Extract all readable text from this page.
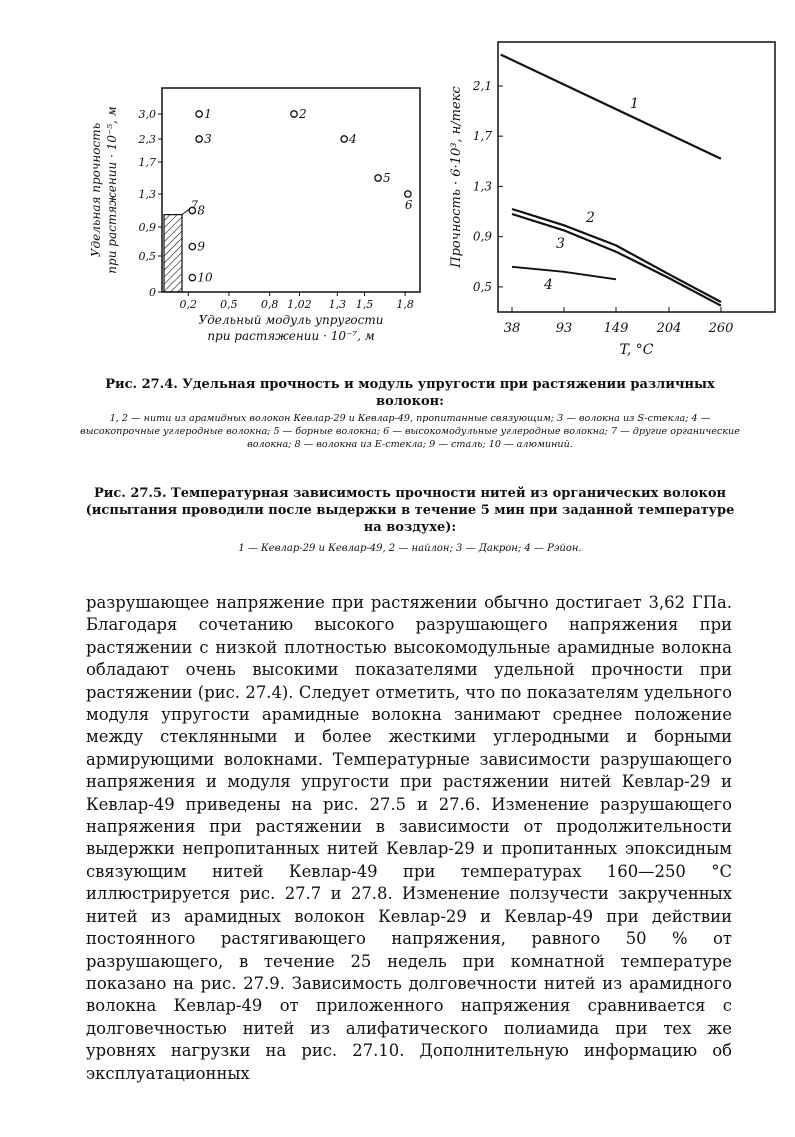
0
0,5
0,9
1,3
1,7
2,3
3,0
0,2 0,5 0,8 1,02 1,3 1,5 1,8
Удельный модуль упругости
при растяжении · 10⁻⁷, м
Удельная прочность при растяжении · 10⁻⁵, м	7
1	2
3	4
5
6
8
9
10
0,5
0,9
1,3
1,7
2,1
38	93 149 204 260
T, °C
Прочность · 6·10³, н/текс	1
2
3
4
Рис. 27.4. Удельная прочность и модуль упругости при растяжении различных волокон:
1, 2 — нити из арамидных волокон Кевлар-29 и Кевлар-49, пропитанные связующим; 3 — волокна из S-стекла; 4 — высокопрочные углеродные волокна; 5 — борные волокна; 6 — высокомодульные углеродные волокна; 7 — другие органические волокна; 8 — волокна из E-стекла; 9 — сталь; 10 — алюминий.
Рис. 27.5. Температурная зависимость прочности нитей из органических волокон (испытания проводили после выдержки в течение 5 мин при заданной температуре на воздухе):
1 — Кевлар-29 и Кевлар-49, 2 — найлон; 3 — Дакрон; 4 — Рэйон.

разрушающее напряжение при растяжении обычно достигает 3,62 ГПа. Благодаря сочетанию высокого разрушающего напряжения при растяжении с низкой плотностью высокомодульные арамидные волокна обладают очень высокими показателями удельной прочности при растяжении (рис. 27.4). Следует отметить, что по показателям удельного модуля упругости арамидные волокна занимают среднее положение между стеклянными и более жесткими углеродными и борными армирующими волокнами. Температурные зависимости разрушающего напряжения и модуля упругости при растяжении нитей Кевлар-29 и Кевлар-49 приведены на рис. 27.5 и 27.6. Изменение разрушающего напряжения при растяжении в зависимости от продолжительности выдержки непропитанных нитей Кевлар-29 и пропитанных эпоксидным связующим нитей Кевлар-49 при температурах 160—250 °С иллюстрируется рис. 27.7 и 27.8. Изменение ползучести закрученных нитей из арамидных волокон Кевлар-29 и Кевлар-49 при действии постоянного растягивающего напряжения, равного 50 % от разрушающего, в течение 25 недель при комнатной температуре показано на рис. 27.9. Зависимость долговечности нитей из арамидного волокна Кевлар-49 от приложенного напряжения сравнивается с долговечностью нитей из алифатического полиамида при тех же уровнях нагрузки на рис. 27.10. Дополнительную информацию об эксплуатационных
